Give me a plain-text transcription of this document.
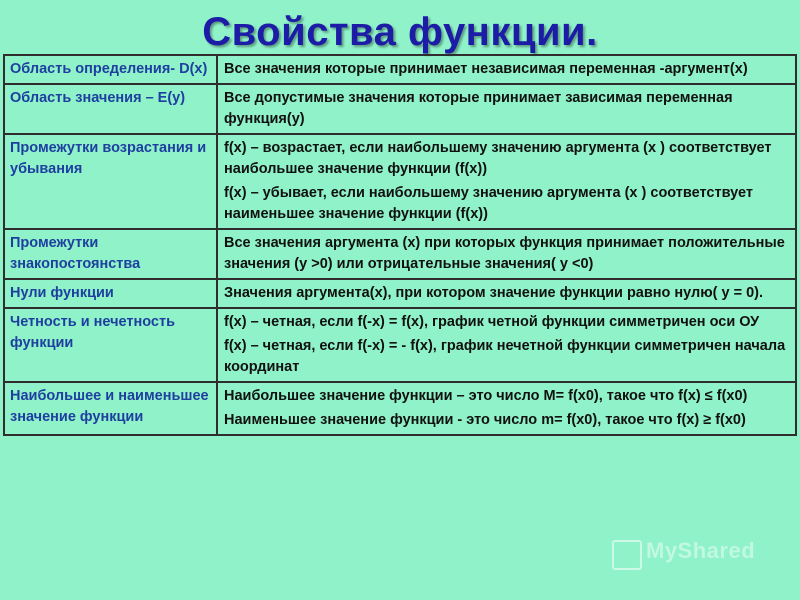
Свойства функции.
Область определения- D(x)	Все значения которые принимает независимая переменная -аргумент(х)

Область значения – E(y)	Все допустимые значения которые принимает зависимая переменная функция(у)

Промежутки возрастания и убывания	f(x) – возрастает, если наибольшему значению аргумента (х ) соответствует наибольшее значение функции (f(x))
f(x) – убывает, если наибольшему значению аргумента (х ) соответствует наименьшее значение функции (f(x))

Промежутки знакопостоянства	Все значения аргумента (х) при которых функция принимает положительные значения (у >0) или отрицательные значения( у <0)

Нули функции	Значения аргумента(х), при котором значение функции равно нулю( у = 0).

Четность и нечетность функции	f(x) – четная, если f(-x) = f(x), график четной функции симметричен оси ОУ
f(x) – четная, если f(-x) = - f(x), график нечетной функции симметричен начала координат

Наибольшее и наименьшее значение функции	Наибольшее значение функции – это число M= f(x0), такое что f(x) ≤ f(x0)
Наименьшее значение функции - это число m= f(x0), такое что f(x) ≥ f(x0)
MyShared
